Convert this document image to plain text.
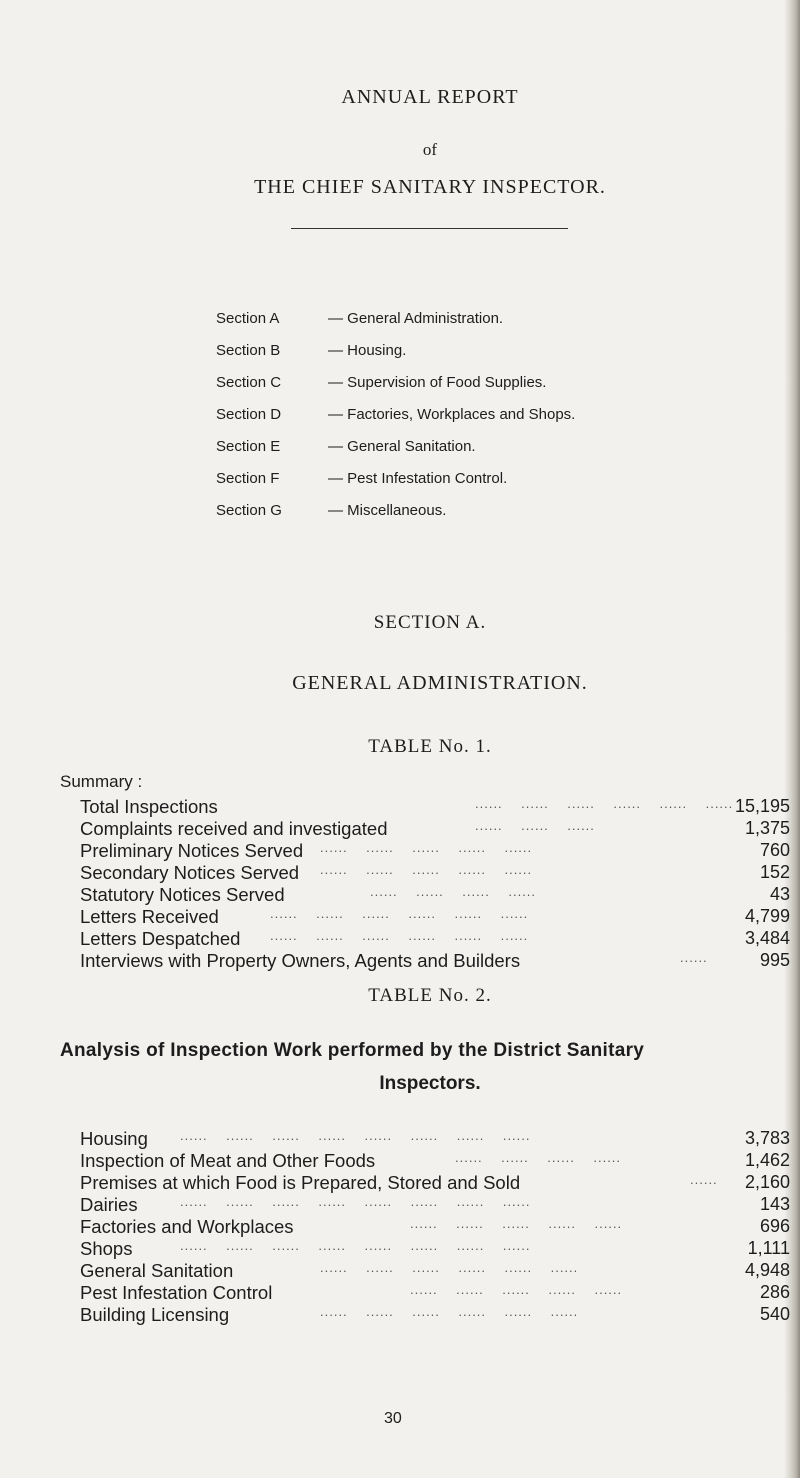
ANNUAL REPORT
of
THE CHIEF SANITARY INSPECTOR.
Section A	— General Administration.
Section B	— Housing.
Section C	— Supervision of Food Supplies.
Section D	— Factories, Workplaces and Shops.
Section E	— General Sanitation.
Section F	— Pest Infestation Control.
Section G	— Miscellaneous.
SECTION A.
GENERAL ADMINISTRATION.
TABLE No. 1.
Summary :
Total Inspections	......    ......    ......    ......    ......    ...... 15,195
Complaints received and investigated	......    ......    ......	1,375
Preliminary Notices Served ......    ......    ......    ......    ......	760
Secondary Notices Served ......    ......    ......    ......    ......	152
Statutory Notices Served	......    ......    ......    ......	43
Letters Received	......    ......    ......    ......    ......    ......	4,799
Letters Despatched ......    ......    ......    ......    ......    ......	3,484
Interviews with Property Owners, Agents and Builders	......	995
TABLE No. 2.
Analysis of Inspection Work performed by the District Sanitary
Inspectors.
Housing ......    ......    ......    ......    ......    ......    ......    ......	3,783
Inspection of Meat and Other Foods	......    ......    ......    ......	1,462
Premises at which Food is Prepared, Stored and Sold	...... 2,160
Dairies	......    ......    ......    ......    ......    ......    ......    ......	143
Factories and Workplaces	......    ......    ......    ......    ......	696
Shops	......    ......    ......    ......    ......    ......    ......    ......	1,111
General Sanitation	......    ......    ......    ......    ......    ......	4,948
Pest Infestation Control	......    ......    ......    ......    ......	286
Building Licensing	......    ......    ......    ......    ......    ......	540
30
